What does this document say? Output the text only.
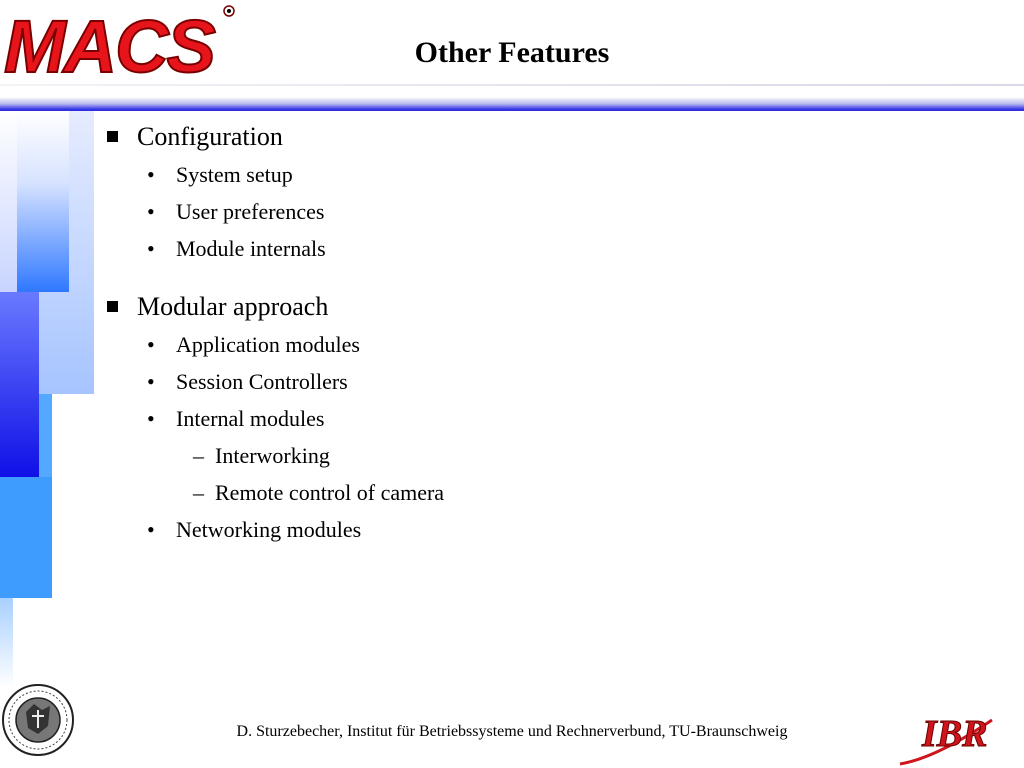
MACS	Other Features
Configuration
• System setup
• User preferences
• Module internals
Modular approach
• Application modules
• Session Controllers
• Internal modules
– Interworking
– Remote control of camera
• Networking modules
D. Sturzebecher, Institut für Betriebssysteme und Rechnerverbund, TU-Braunschweig	IBR
